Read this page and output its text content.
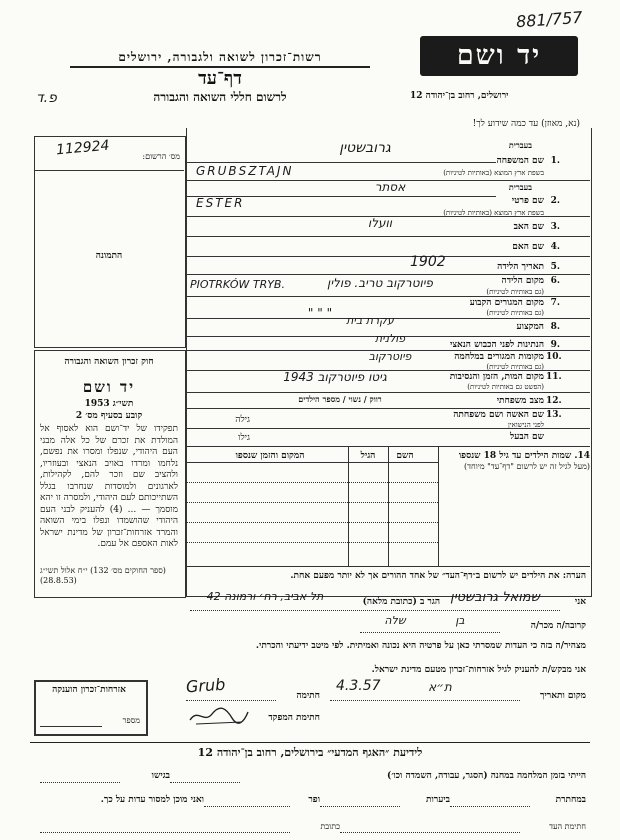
881/757
יד ושם
ירושלים, רחוב בן־יהודה 12
רשות־זכרון לשואה ולגבורה, ירושלים
דף־עד
לרשום חללי השואה והגבורה
פ.ד
(נא, מאוזן) עד כמה שידוע לך!
מס׳ הרשום:
112924
התמונה
בעברית
1.
שם המשפחה
בשפת ארץ המוצא (באותיות לטיניות)
גרובשטין
GRUBSZTAJN
בעברית
2.
שם פרטי
בשפת ארץ המוצא (באותיות לטיניות)
אסתר
ESTER
3.
שם האב
וועלו
4.
שם האם
5.
תאריך הלידה
1902
6.
מקום הלידה
(גם באותיות לטיניות)
PIOTRKÓW TRYB.	פיוטרקוב טריב. פולין
7.
מקום המגורים הקבוע
(גם באותיות לטיניות)
" " "
8.
המקצוע
עקרת בית
9.
הנתינות לפני הכבוש הנאצי
פולנית
10.
מקומות המגורים במלחמה
(גם באותיות לטיניות)
פיוטרקוב
11.
מקום המות, הזמן והנסיבות
(הפשט גם באותיות לטיניות)
גיטו פיוטרקוב 1943
12.
מצב משפחתי
רווק / נשוי / מספר הילדים
13.
שם האשה ושם משפחתה
לפני הנישואין
גילה
שם הבעל
גילו
14. שמות הילדים עד גיל 18 שנספו
(מעל לגיל זה יש לרשום "דף־עד" מיוחד)
השם
הגיל
המקום והזמן שנספו
חוק זכרון השואה והגבורה
יד ושם
תשי״ג 1953
קובע בסעיף מס׳ 2
תפקידו של יד־ושם הוא לאסוף אל המולדת את זכרם של כל אלה מבני העם היהודי, שנפלו ומסרו את נפשם, נלחמו ומרדו באויב הנאצי ובעוזריו, ולהציב שם וזכר להם, לקהילות, לארגונים ולמוסדות שנחרבו בגלל השתייכותם לעם היהודי, ולמסרה זו יהא מוסמך — ... (4) להעניק לבני העם היהודי שהושמדו ונפלו בימי השואה והמרד אזרחות־זכרון של מדינת ישראל לאות האספם אל עמם.
(ספר החוקים מס׳ 132) י״ח אלול תשי״ג (28.8.53)	הערה: את הילדים יש לרשום ב״דף־העד״ של אחד ההורים אך לא יותר מפעם אחת.
אני
שמואל גרובשטין
הגר ב (כתובת מלאה)
תל אביב, רח׳ ורמונה 42
קרובה/ה מכר/ה
בן
שלה
מצהיר/ה בזה כי העדות שמסרתי כאן על פרטיה היא נכונה ואמיתית. לפי מיטב ידיעתי והכרתי.
אני מבקש/ת להעניק לגיל אזרחות־זכרון מטעם מדינת ישראל.
מקום ותאריך
ת״א
4.3.57
חתימה
Grub
חתימת המפקד
אזרחות־זכרון הוענקה
מספר
לידיעת ״האגף המדעי״ בירושלים, רחוב בן־יהודה 12
הייתי בזמן המלחמה במחנה (הסגר, עבודה, השמדה וכו׳)
בגישו
במחתרת
ביערות
ופר
ואני מוכן למסור עדות על כך.
כתובת	חתימת העד
